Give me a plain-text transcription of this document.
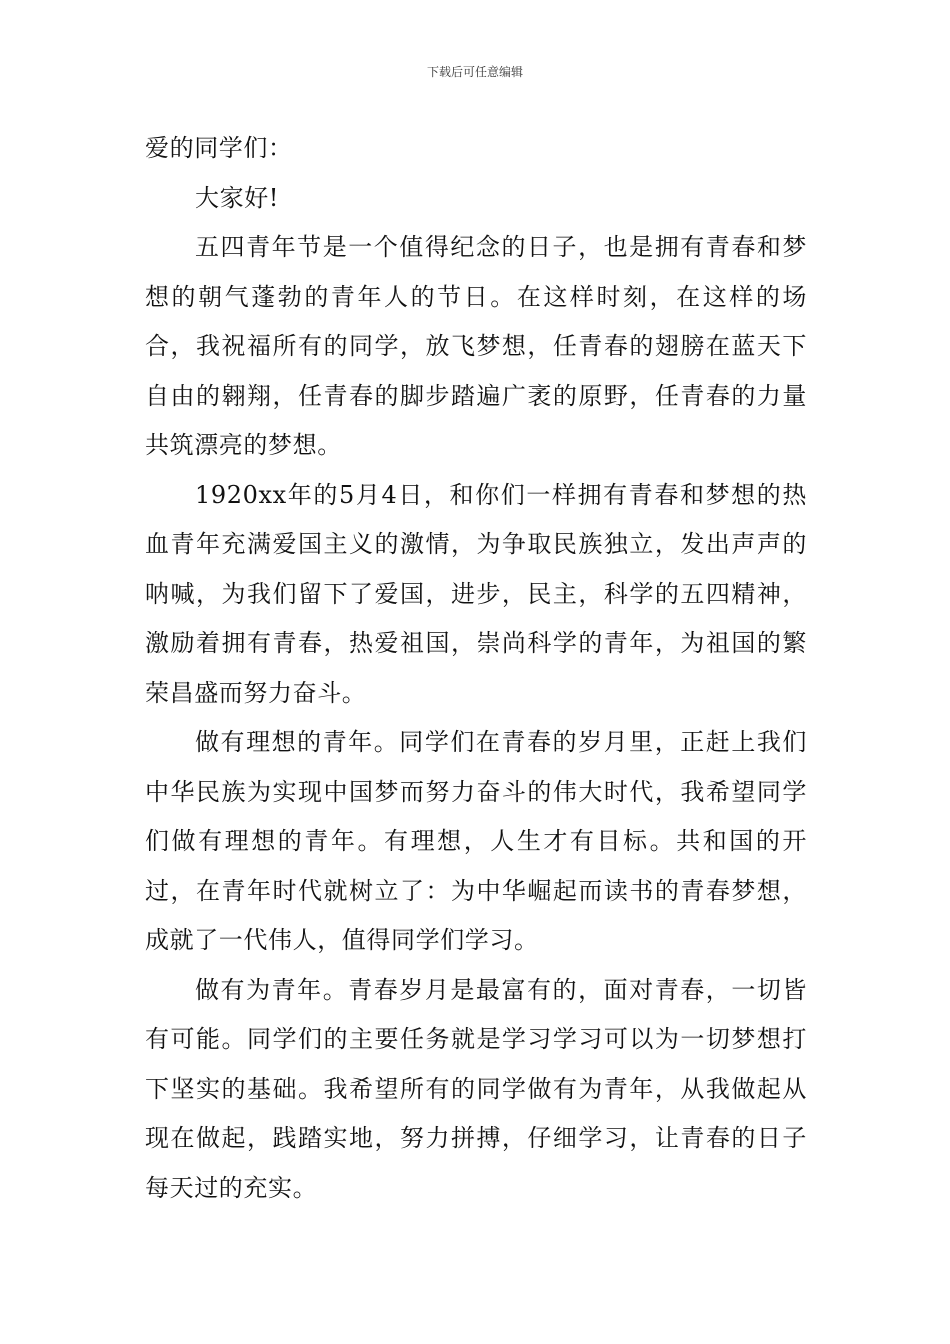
下载后可任意编辑

爱的同学们：

大家好!

五四青年节是一个值得纪念的日子，也是拥有青春和梦想的朝气蓬勃的青年人的节日。在这样时刻，在这样的场合，我祝福所有的同学，放飞梦想，任青春的翅膀在蓝天下自由的翱翔，任青春的脚步踏遍广袤的原野，任青春的力量共筑漂亮的梦想。

1920xx年的5月4日，和你们一样拥有青春和梦想的热血青年充满爱国主义的激情，为争取民族独立，发出声声的呐喊，为我们留下了爱国，进步，民主，科学的五四精神，激励着拥有青春，热爱祖国，崇尚科学的青年，为祖国的繁荣昌盛而努力奋斗。

做有理想的青年。同学们在青春的岁月里，正赶上我们中华民族为实现中国梦而努力奋斗的伟大时代，我希望同学们做有理想的青年。有理想，人生才有目标。共和国的开过，在青年时代就树立了：为中华崛起而读书的青春梦想，成就了一代伟人，值得同学们学习。

做有为青年。青春岁月是最富有的，面对青春，一切皆有可能。同学们的主要任务就是学习学习可以为一切梦想打下坚实的基础。我希望所有的同学做有为青年，从我做起从现在做起，践踏实地，努力拼搏，仔细学习，让青春的日子每天过的充实。
